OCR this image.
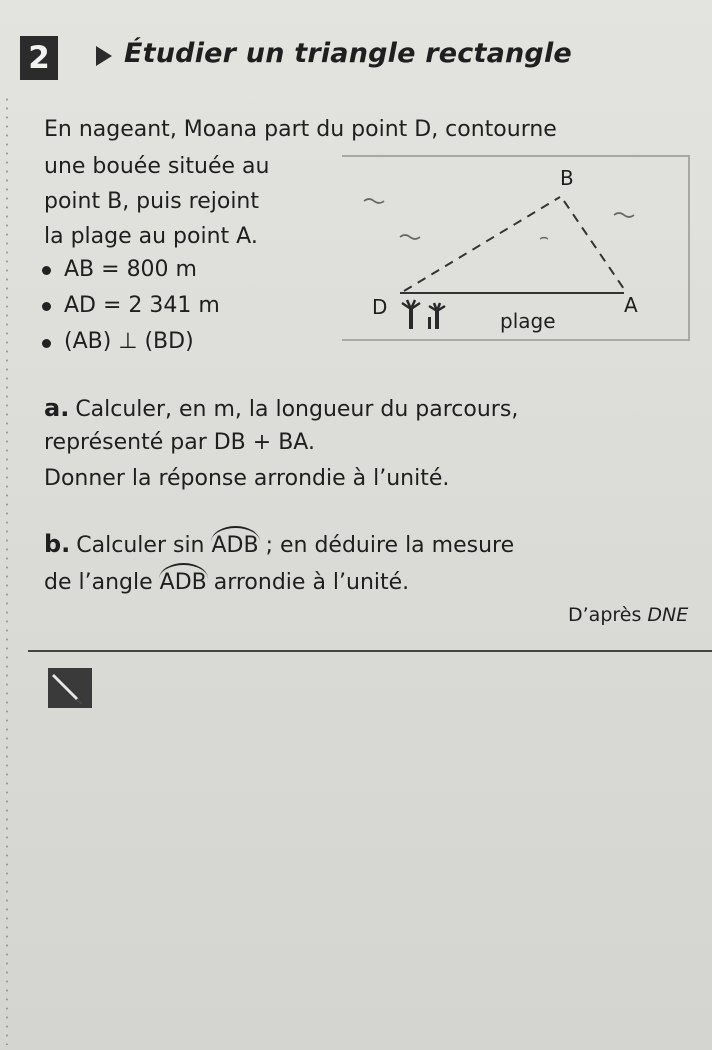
2	Étudier un triangle rectangle
En nageant, Moana part du point D, contourne
une bouée située au
point B, puis rejoint
la plage au point A.
AB = 800 m
AD = 2 341 m
(AB) ⊥ (BD)
B
D	A
plage
a. Calculer, en m, la longueur du parcours,
représenté par DB + BA.
Donner la réponse arrondie à l’unité.
b. Calculer sin ADB ; en déduire la mesure
de l’angle ADB arrondie à l’unité.
D’après DNE
